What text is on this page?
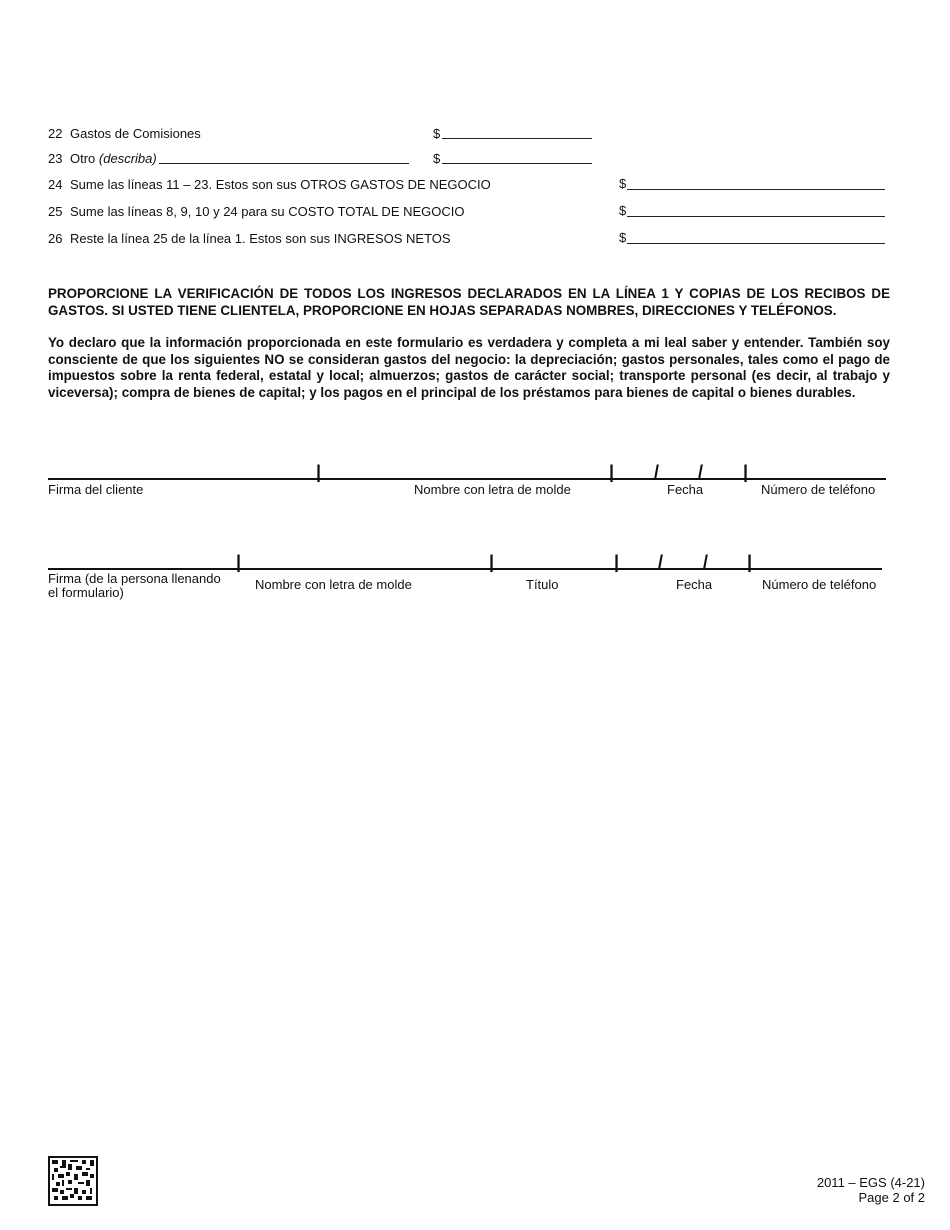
22 Gastos de Comisiones	$
23 Otro (describa)	$
24 Sume las líneas 11 – 23. Estos son sus OTROS GASTOS DE NEGOCIO	$
25 Sume las líneas 8, 9, 10 y 24 para su COSTO TOTAL DE NEGOCIO	$
26 Reste la línea 25 de la línea 1. Estos son sus INGRESOS NETOS	$
PROPORCIONE LA VERIFICACIÓN DE TODOS LOS INGRESOS DECLARADOS EN LA LÍNEA 1 Y COPIAS DE LOS RECIBOS DE GASTOS. SI USTED TIENE CLIENTELA, PROPORCIONE EN HOJAS SEPARADAS NOMBRES, DIRECCIONES Y TELÉFONOS.
Yo declaro que la información proporcionada en este formulario es verdadera y completa a mi leal saber y entender. También soy consciente de que los siguientes NO se consideran gastos del negocio: la depreciación; gastos personales, tales como el pago de impuestos sobre la renta federal, estatal y local; almuerzos; gastos de carácter social; transporte personal (es decir, al trabajo y viceversa); compra de bienes de capital; y los pagos en el principal de los préstamos para bienes de capital o bienes durables.
|	| / / |
Firma del cliente	Nombre con letra de molde	Fecha	Número de teléfono
|	|	| / / |
Firma (de la persona llenando el formulario)
Nombre con letra de molde	Título	Fecha	Número de teléfono
2011 – EGS (4-21)
Page 2 of 2
